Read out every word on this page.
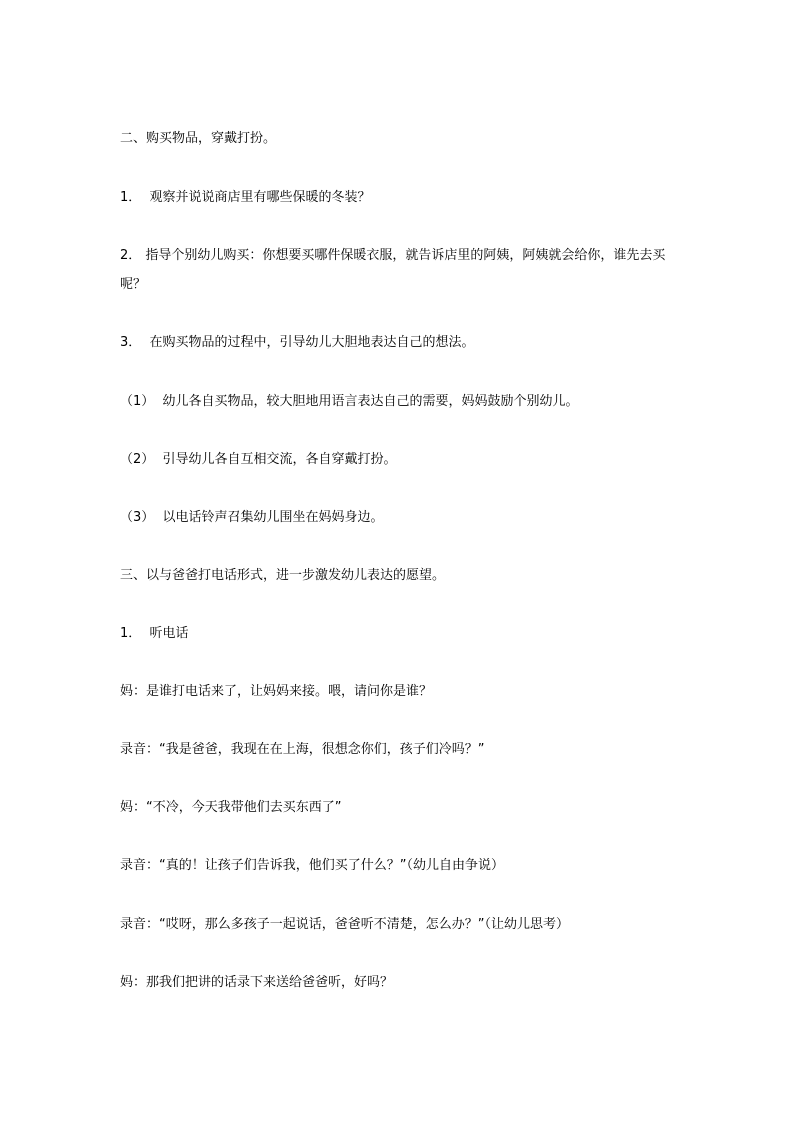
二、购买物品，穿戴打扮。

1．  观察并说说商店里有哪些保暖的冬装？

2． 指导个别幼儿购买：你想要买哪件保暖衣服，就告诉店里的阿姨，阿姨就会给你，谁先去买呢？

3．  在购买物品的过程中，引导幼儿大胆地表达自己的想法。

（1）  幼儿各自买物品，较大胆地用语言表达自己的需要，妈妈鼓励个别幼儿。

（2）  引导幼儿各自互相交流，各自穿戴打扮。

（3）  以电话铃声召集幼儿围坐在妈妈身边。

三、以与爸爸打电话形式，进一步激发幼儿表达的愿望。

1．  听电话

妈：是谁打电话来了，让妈妈来接。喂，请问你是谁？

录音：“我是爸爸，我现在在上海，很想念你们，孩子们冷吗？”

妈：“不冷，今天我带他们去买东西了”

录音：“真的！让孩子们告诉我，他们买了什么？”（幼儿自由争说）

录音：“哎呀，那么多孩子一起说话，爸爸听不清楚，怎么办？”（让幼儿思考）

妈：那我们把讲的话录下来送给爸爸听，好吗？
